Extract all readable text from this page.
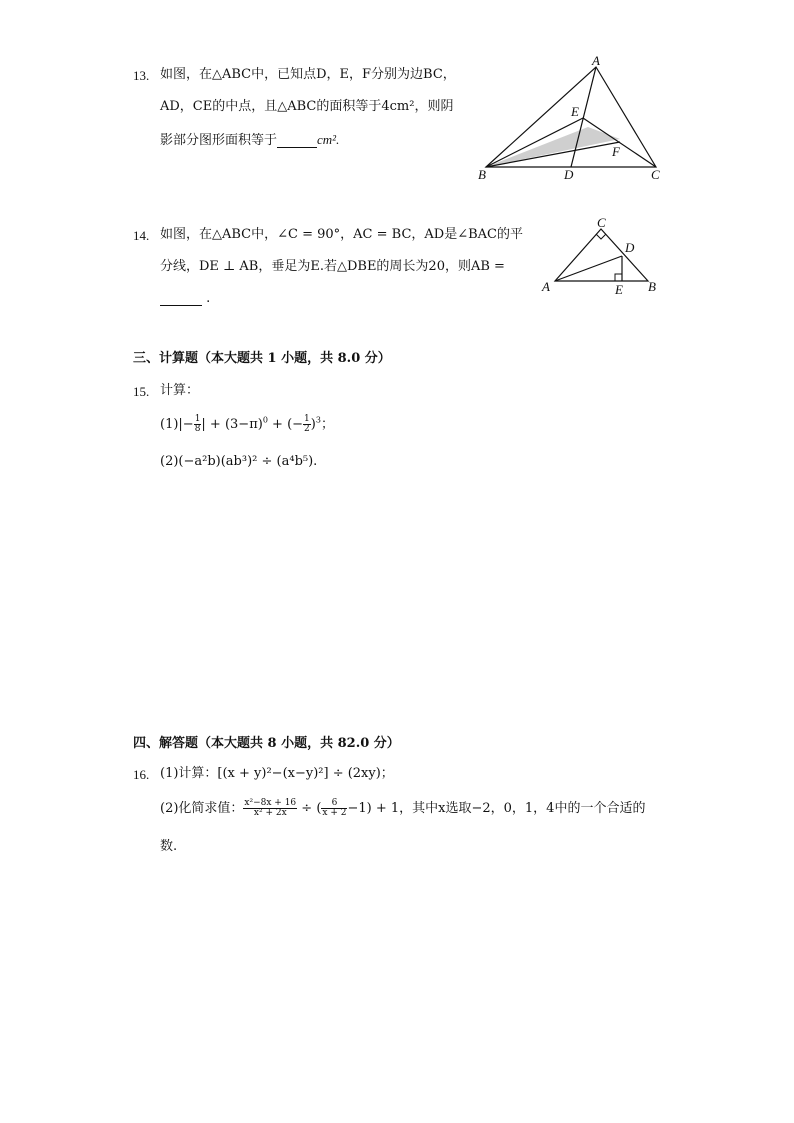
13. 如图，在△ABC中，已知点D，E，F分别为边BC，
AD，CE的中点，且△ABC的面积等于4cm²，则阴
影部分图形面积等于	cm².
A
B	C
D
E
F
14. 如图，在△ABC中，∠C = 90°，AC = BC，AD是∠BAC的平
分线，DE ⊥ AB，垂足为E.若△DBE的周长为20，则AB =
.
C
D
A	B
E
三、计算题（本大题共 1 小题，共 8.0 分）
15. 计算：
$(1)|- \frac{1}{8}$ | + $(3-\pi)^0$ + (− $\frac{1}{2} )^3$；
(2)(−a²b)(ab³)² ÷ (a⁴b⁵).
四、解答题（本大题共 8 小题，共 82.0 分）
16. (1)计算：[(x + y)²−(x−y)²] ÷ (2xy)；
(2)化简求值： $\frac{\text{x²−8x + 16}}{\text{x² + 2x}}$ ÷ ( $\frac{6}{x + 2} -1) + 1$，其中x选取−2，0，1，4中的一个合适的
数.
